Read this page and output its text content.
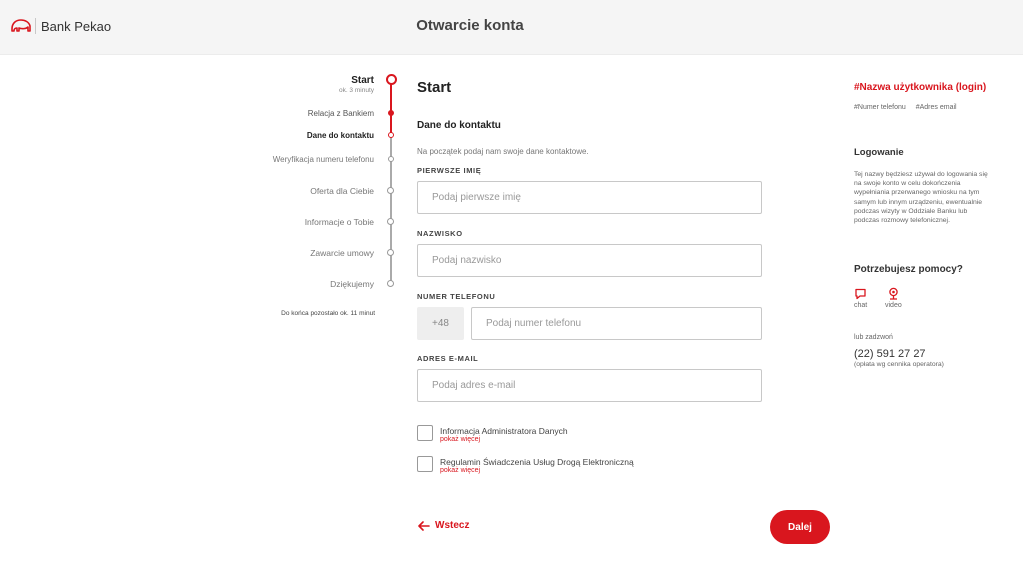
Bank Pekao	Otwarcie konta
Start
ok. 3 minuty
Relacja z Bankiem
Dane do kontaktu
Weryfikacja numeru telefonu
Oferta dla Ciebie
Informacje o Tobie
Zawarcie umowy
Dziękujemy
Do końca pozostało ok. 11 minut
Start
Dane do kontaktu
Na początek podaj nam swoje dane kontaktowe.
PIERWSZE IMIĘ
Podaj pierwsze imię
NAZWISKO
Podaj nazwisko
NUMER TELEFONU
+48
Podaj numer telefonu
ADRES E-MAIL
Podaj adres e-mail
Informacja Administratora Danych
pokaż więcej
Regulamin Świadczenia Usług Drogą Elektroniczną
pokaż więcej
Wstecz	Dalej
#Nazwa użytkownika (login)
#Numer telefonu #Adres email
Logowanie
Tej nazwy będziesz używał do logowania się na swoje konto w celu dokończenia wypełniania przerwanego wniosku na tym samym lub innym urządzeniu, ewentualnie podczas wizyty w Oddziale Banku lub podczas rozmowy telefonicznej.
Potrzebujesz pomocy?
chat	video
lub zadzwoń
(22) 591 27 27
(opłata wg cennika operatora)
